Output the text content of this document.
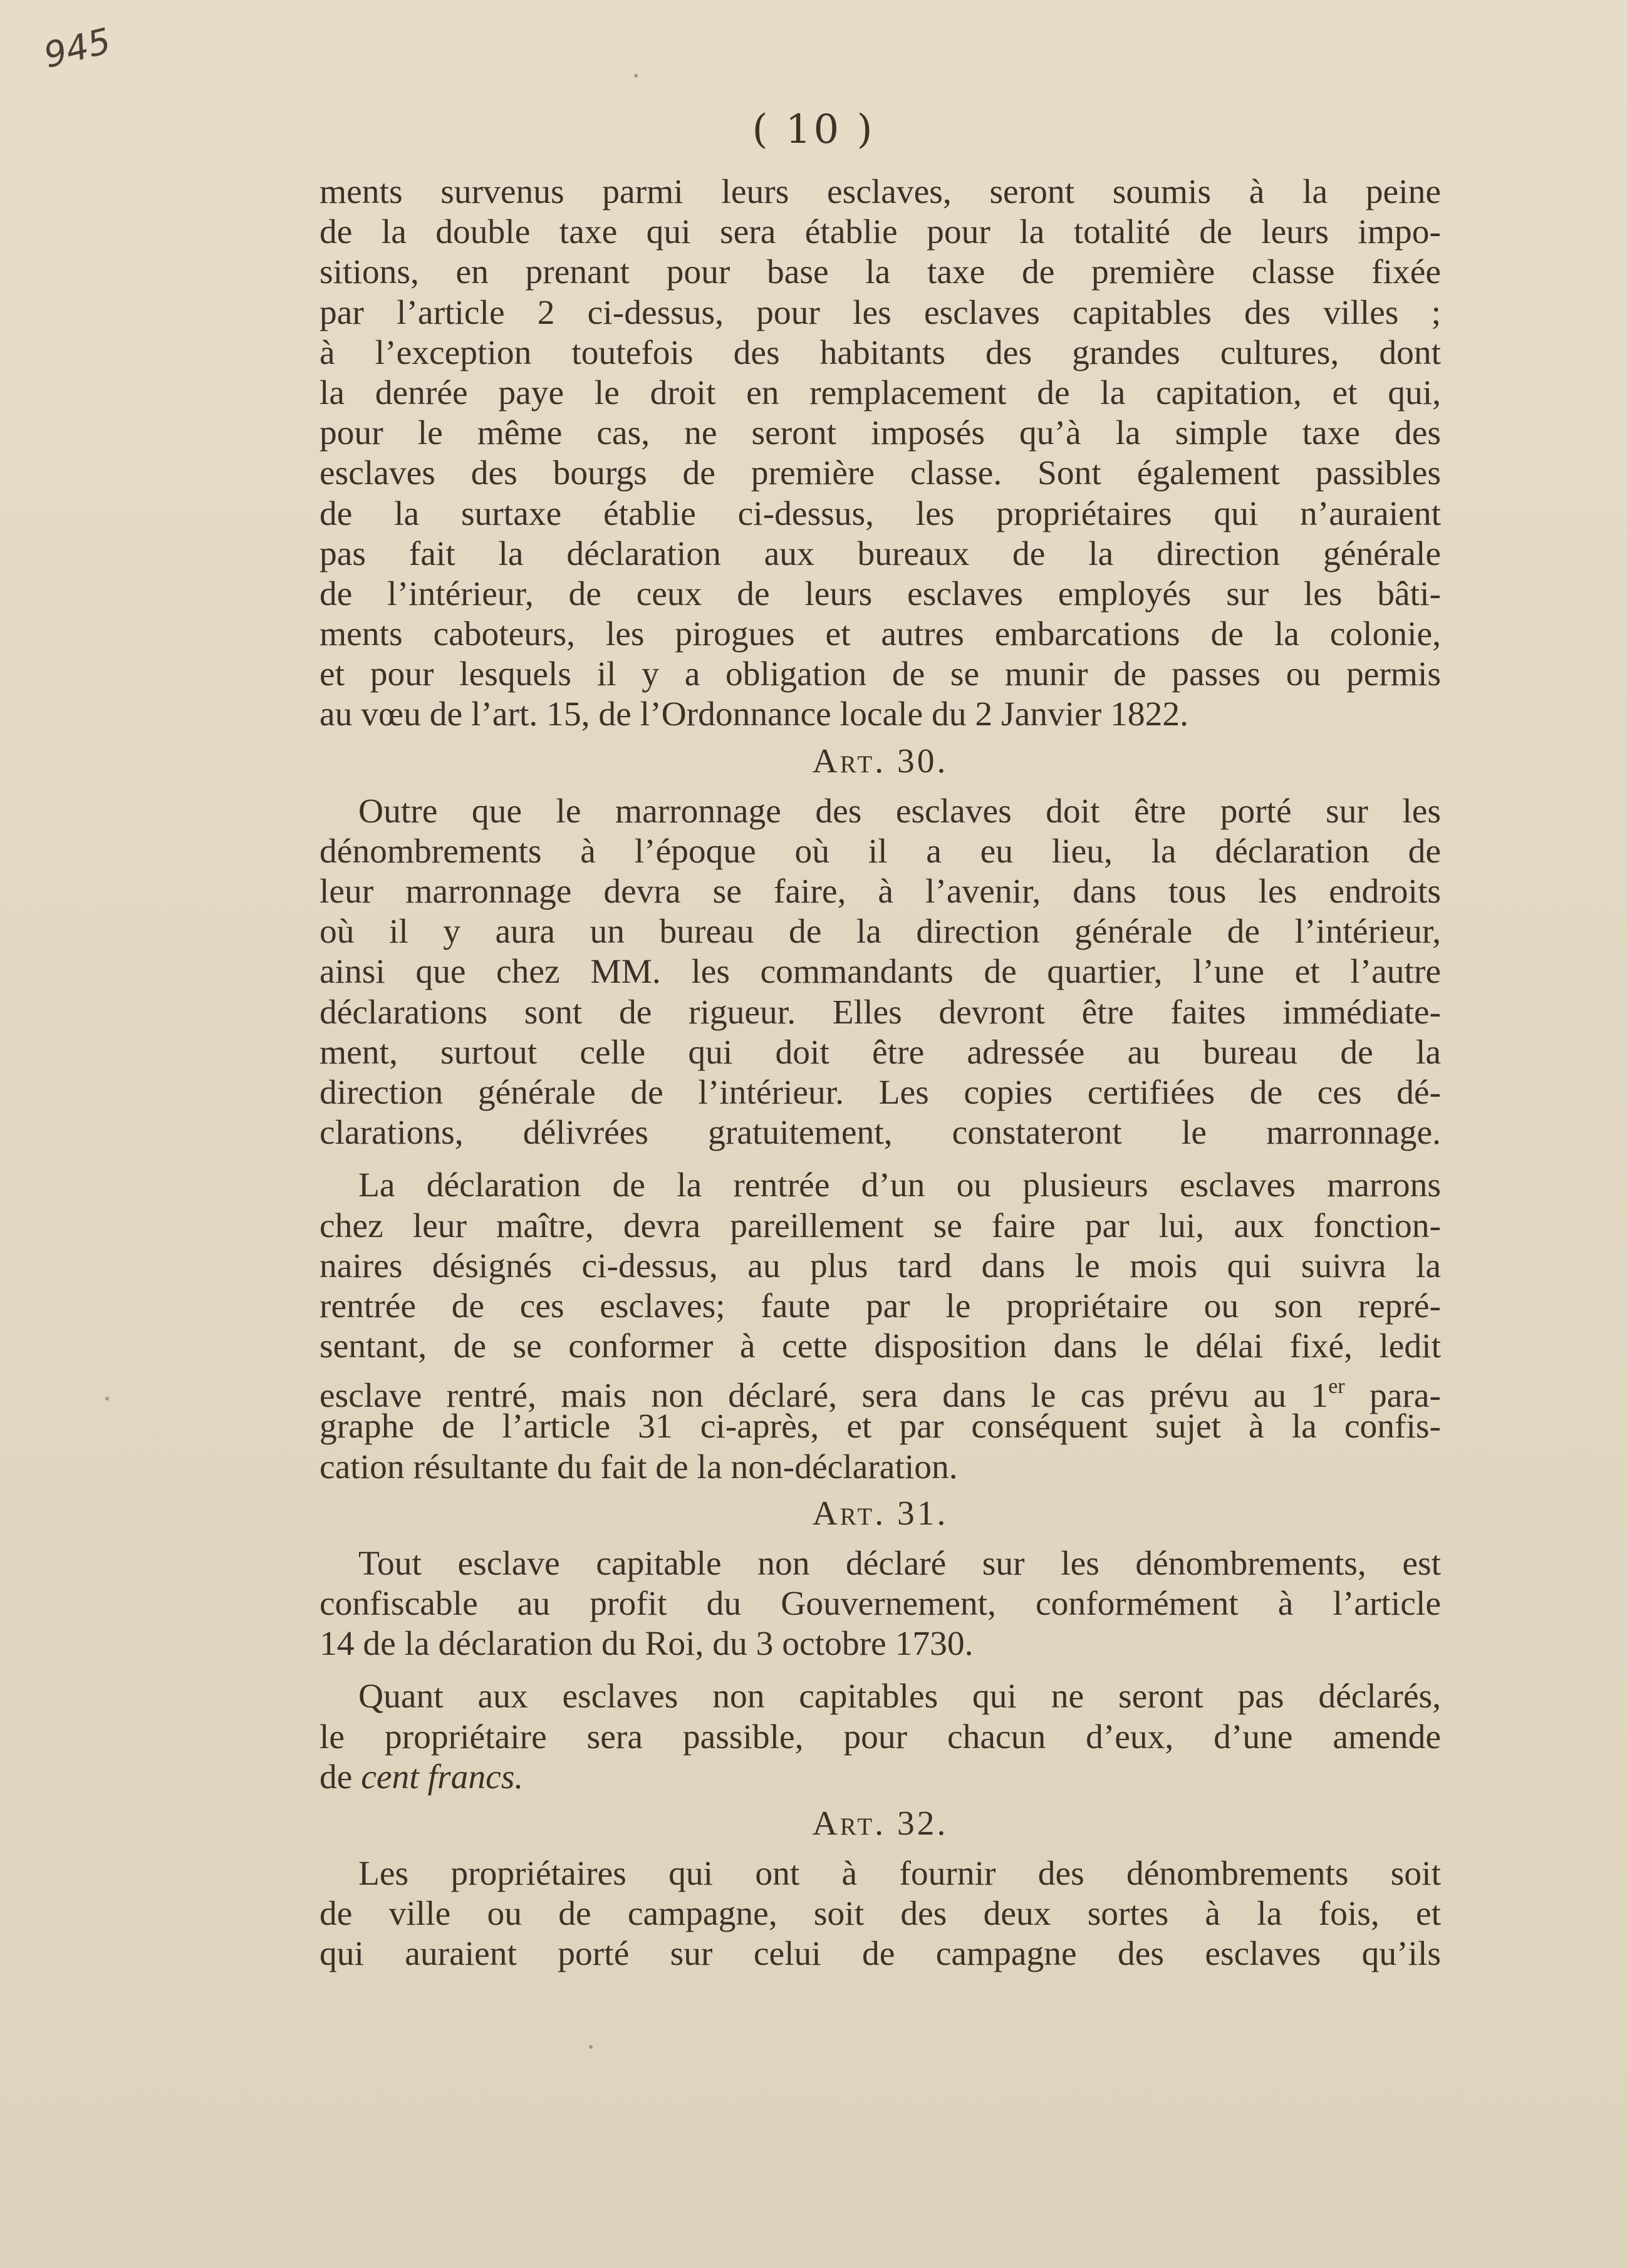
945
( 10 )
ments survenus parmi leurs esclaves, seront soumis à la peine
de la double taxe qui sera établie pour la totalité de leurs impo-
sitions, en prenant pour base la taxe de première classe fixée
par l’article 2 ci-dessus, pour les esclaves capitables des villes ;
à l’exception toutefois des habitants des grandes cultures, dont
la denrée paye le droit en remplacement de la capitation, et qui,
pour le même cas, ne seront imposés qu’à la simple taxe des
esclaves des bourgs de première classe. Sont également passibles
de la surtaxe établie ci-dessus, les propriétaires qui n’auraient
pas fait la déclaration aux bureaux de la direction générale
de l’intérieur, de ceux de leurs esclaves employés sur les bâti-
ments caboteurs, les pirogues et autres embarcations de la colonie,
et pour lesquels il y a obligation de se munir de passes ou permis
au vœu de l’art. 15, de l’Ordonnance locale du 2 Janvier 1822.
Art. 30.
Outre que le marronnage des esclaves doit être porté sur les
dénombrements à l’époque où il a eu lieu, la déclaration de
leur marronnage devra se faire, à l’avenir, dans tous les endroits
où il y aura un bureau de la direction générale de l’intérieur,
ainsi que chez MM. les commandants de quartier, l’une et l’autre
déclarations sont de rigueur. Elles devront être faites immédiate-
ment, surtout celle qui doit être adressée au bureau de la
direction générale de l’intérieur. Les copies certifiées de ces dé-
clarations, délivrées gratuitement, constateront le marronnage.
La déclaration de la rentrée d’un ou plusieurs esclaves marrons
chez leur maître, devra pareillement se faire par lui, aux fonction-
naires désignés ci-dessus, au plus tard dans le mois qui suivra la
rentrée de ces esclaves; faute par le propriétaire ou son repré-
sentant, de se conformer à cette disposition dans le délai fixé, ledit
esclave rentré, mais non déclaré, sera dans le cas prévu au 1er para-
graphe de l’article 31 ci-après, et par conséquent sujet à la confis-
cation résultante du fait de la non-déclaration.
Art. 31.
Tout esclave capitable non déclaré sur les dénombrements, est
confiscable au profit du Gouvernement, conformément à l’article
14 de la déclaration du Roi, du 3 octobre 1730.
Quant aux esclaves non capitables qui ne seront pas déclarés,
le propriétaire sera passible, pour chacun d’eux, d’une amende
de cent francs.
Art. 32.
Les propriétaires qui ont à fournir des dénombrements soit
de ville ou de campagne, soit des deux sortes à la fois, et
qui auraient porté sur celui de campagne des esclaves qu’ils
